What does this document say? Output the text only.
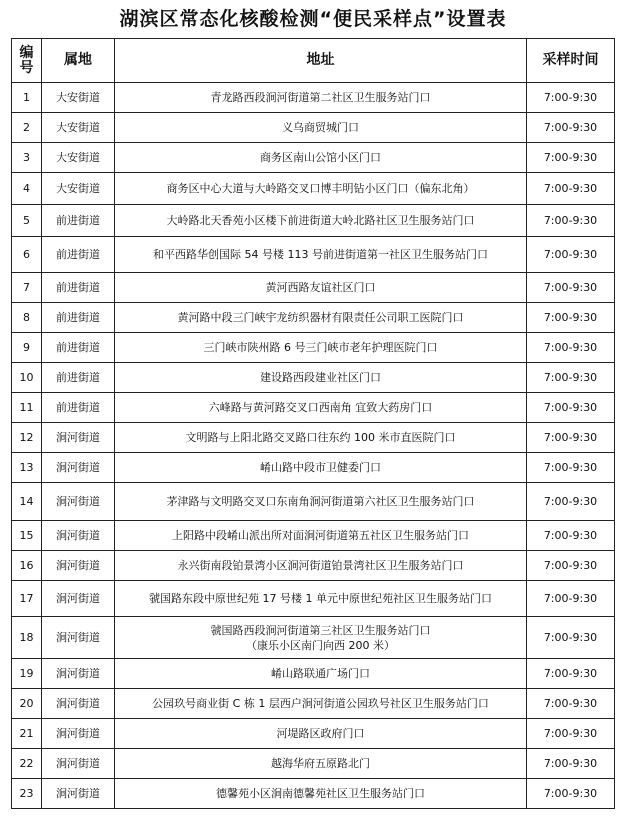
湖滨区常态化核酸检测“便民采样点”设置表
编
号	属地	地址	采样时间
1	大安街道	青龙路西段涧河街道第二社区卫生服务站门口	7:00-9:30
2	大安街道	义乌商贸城门口	7:00-9:30
3	大安街道	商务区南山公馆小区门口	7:00-9:30
4	大安街道	商务区中心大道与大岭路交叉口博丰明钻小区门口（偏东北角）	7:00-9:30
5	前进街道	大岭路北天香苑小区楼下前进街道大岭北路社区卫生服务站门口	7:00-9:30
6	前进街道	和平西路华创国际 54 号楼 113 号前进街道第一社区卫生服务站门口	7:00-9:30
7	前进街道	黄河西路友谊社区门口	7:00-9:30
8	前进街道	黄河路中段三门峡宇龙纺织器材有限责任公司职工医院门口	7:00-9:30
9	前进街道	三门峡市陕州路 6 号三门峡市老年护理医院门口	7:00-9:30
10	前进街道	建设路西段建业社区门口	7:00-9:30
11	前进街道	六峰路与黄河路交叉口西南角 宜致大药房门口	7:00-9:30
12	涧河街道	文明路与上阳北路交叉路口往东约 100 米市直医院门口	7:00-9:30
13	涧河街道	崤山路中段市卫健委门口	7:00-9:30
14	涧河街道	茅津路与文明路交叉口东南角涧河街道第六社区卫生服务站门口	7:00-9:30
15	涧河街道	上阳路中段崤山派出所对面涧河街道第五社区卫生服务站门口	7:00-9:30
16	涧河街道	永兴街南段铂景湾小区涧河街道铂景湾社区卫生服务站门口	7:00-9:30
17	涧河街道	虢国路东段中原世纪苑 17 号楼 1 单元中原世纪苑社区卫生服务站门口	7:00-9:30
18	涧河街道	虢国路西段涧河街道第三社区卫生服务站门口
（康乐小区南门向西 200 米）	7:00-9:30
19	涧河街道	崤山路联通广场门口	7:00-9:30
20	涧河街道	公园玖号商业街 C 栋 1 层西户涧河街道公园玖号社区卫生服务站门口	7:00-9:30
21	涧河街道	河堤路区政府门口	7:00-9:30
22	涧河街道	越海华府五原路北门	7:00-9:30
23	涧河街道	德馨苑小区涧南德馨苑社区卫生服务站门口	7:00-9:30
